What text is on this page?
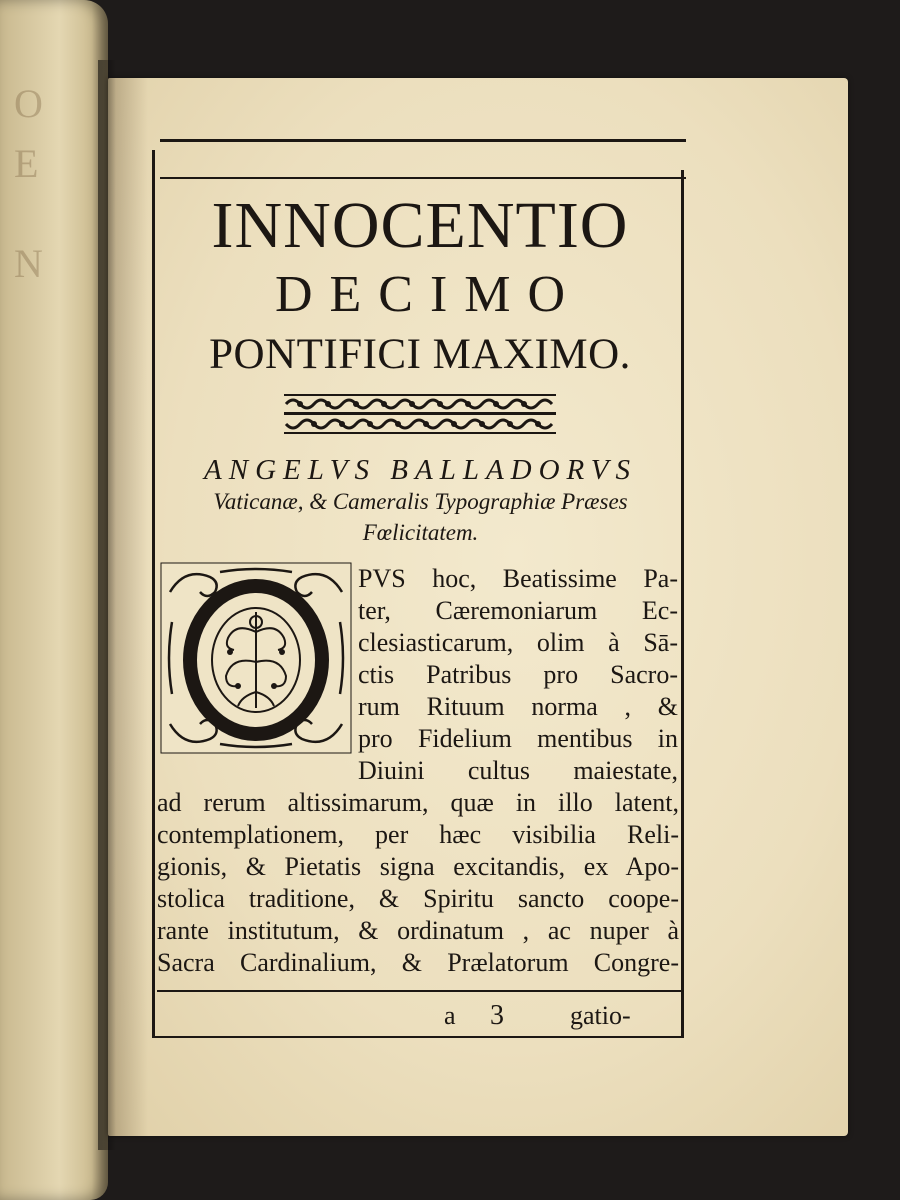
O
E
N
INNOCENTIO
DECIMO
PONTIFICI MAXIMO.
ANGELVS BALLADORVS
Vaticanæ, & Cameralis Typographiæ Præses
Fœlicitatem.
PVS hoc, Beatissime Pa-
ter, Cæremoniarum Ec-
clesiasticarum, olim à Sā-
ctis Patribus pro Sacro-
rum Rituum norma , &
pro Fidelium mentibus in
Diuini cultus maiestate,
ad rerum altissimarum, quæ in illo latent,
contemplationem, per hæc visibilia Reli-
gionis, & Pietatis signa excitandis, ex Apo-
stolica traditione, & Spiritu sancto coope-
rante institutum, & ordinatum , ac nuper à
Sacra Cardinalium, & Prælatorum Congre-
a 3	gatio-
